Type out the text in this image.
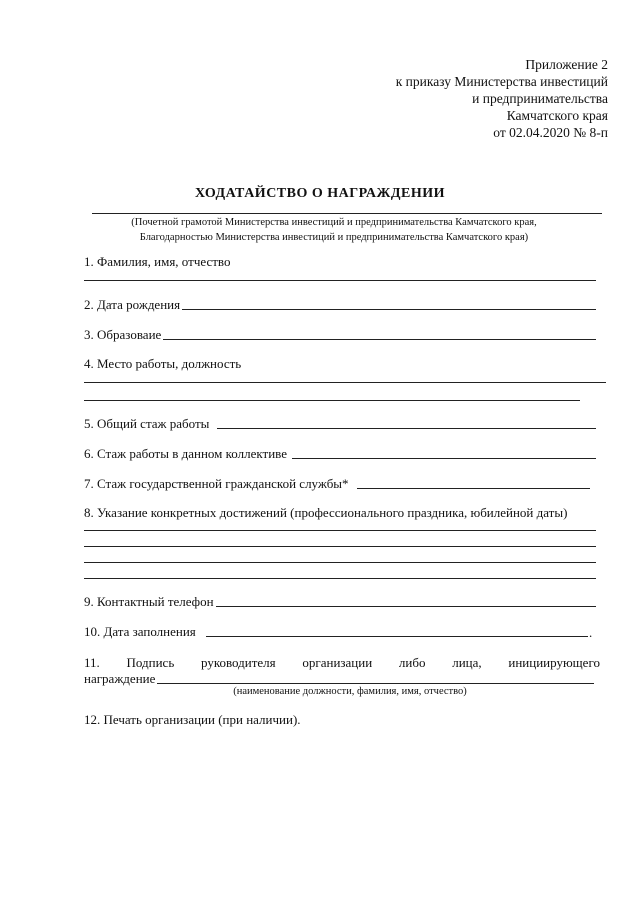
Приложение 2
к приказу Министерства инвестиций
и предпринимательства
Камчатского края
от 02.04.2020 № 8-п
ХОДАТАЙСТВО О НАГРАЖДЕНИИ
(Почетной грамотой Министерства инвестиций и предпринимательства Камчатского края,
Благодарностью Министерства инвестиций и предпринимательства Камчатского края)
1. Фамилия, имя, отчество
2. Дата рождения
3. Образоваие
4. Место работы, должность
5. Общий стаж работы
6. Стаж работы в данном коллективе
7. Стаж государственной гражданской службы*
8. Указание конкретных достижений (профессионального праздника, юбилейной даты)
9. Контактный телефон
10. Дата заполнения	.
11. Подпись руководителя организации либо лица, инициирующего
награждение
(наименование должности, фамилия, имя, отчество)
12. Печать организации (при наличии).
